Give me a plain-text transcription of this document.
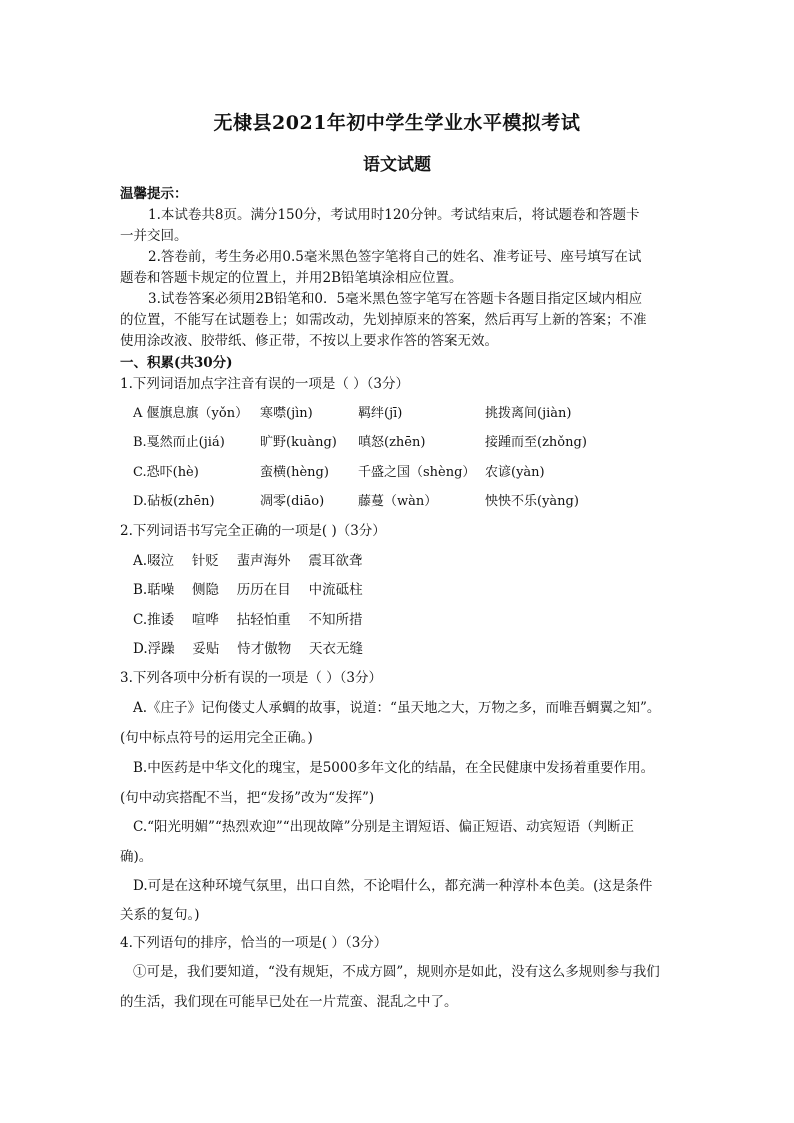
无棣县2021年初中学生学业水平模拟考试
语文试题
温馨提示：
1.本试卷共8页。满分150分，考试用时120分钟。考试结束后，将试题卷和答题卡
一并交回。
2.答卷前，考生务必用0.5毫米黑色签字笔将自己的姓名、准考证号、座号填写在试
题卷和答题卡规定的位置上，并用2B铅笔填涂相应位置。
3.试卷答案必须用2B铅笔和0．5毫米黑色签字笔写在答题卡各题目指定区域内相应
的位置，不能写在试题卷上；如需改动，先划掉原来的答案，然后再写上新的答案；不准
使用涂改液、胶带纸、修正带，不按以上要求作答的答案无效。
一、积累(共30分)
1.下列词语加点字注音有误的一项是（ ）（3分）
A 偃旗息旗（yǒn） 寒噤(jìn)	羁绊(jī)	挑拨离间(jiàn)
B.戛然而止(jiá)	旷野(kuàng) 嗔怒(zhēn)	接踵而至(zhǒng)
C.恐吓(hè)	蛮横(hèng) 千盛之国（shèng） 农谚(yàn)
D.砧板(zhēn)	凋零(diāo)	藤蔓（wàn）	怏怏不乐(yàng)
2.下列词语书写完全正确的一项是( )（3分）
A.啜泣　 针贬　 蜚声海外　 震耳欲聋
B.聒噪　 侧隐　 历历在目　 中流砥柱
C.推诿　 喧哗　 拈轻怕重　 不知所措
D.浮躁　 妥贴　 恃才傲物　 天衣无缝
3.下列各项中分析有误的一项是（ ）（3分）
A.《庄子》记佝偻丈人承蜩的故事，说道：“虽天地之大，万物之多，而唯吾蜩翼之知”。
(句中标点符号的运用完全正确。)
B.中医药是中华文化的瑰宝，是5000多年文化的结晶，在全民健康中发扬着重要作用。
(句中动宾搭配不当，把“发扬”改为“发挥”)
C.“阳光明媚”“热烈欢迎”“出现故障”分别是主谓短语、偏正短语、动宾短语（判断正
确)。
D.可是在这种环境气氛里，出口自然，不论唱什么，都充满一种淳朴本色美。(这是条件
关系的复句。)
4.下列语句的排序，恰当的一项是( ）（3分）
①可是，我们要知道，“没有规矩，不成方圆”，规则亦是如此，没有这么多规则参与我们
的生活，我们现在可能早已处在一片荒蛮、混乱之中了。
